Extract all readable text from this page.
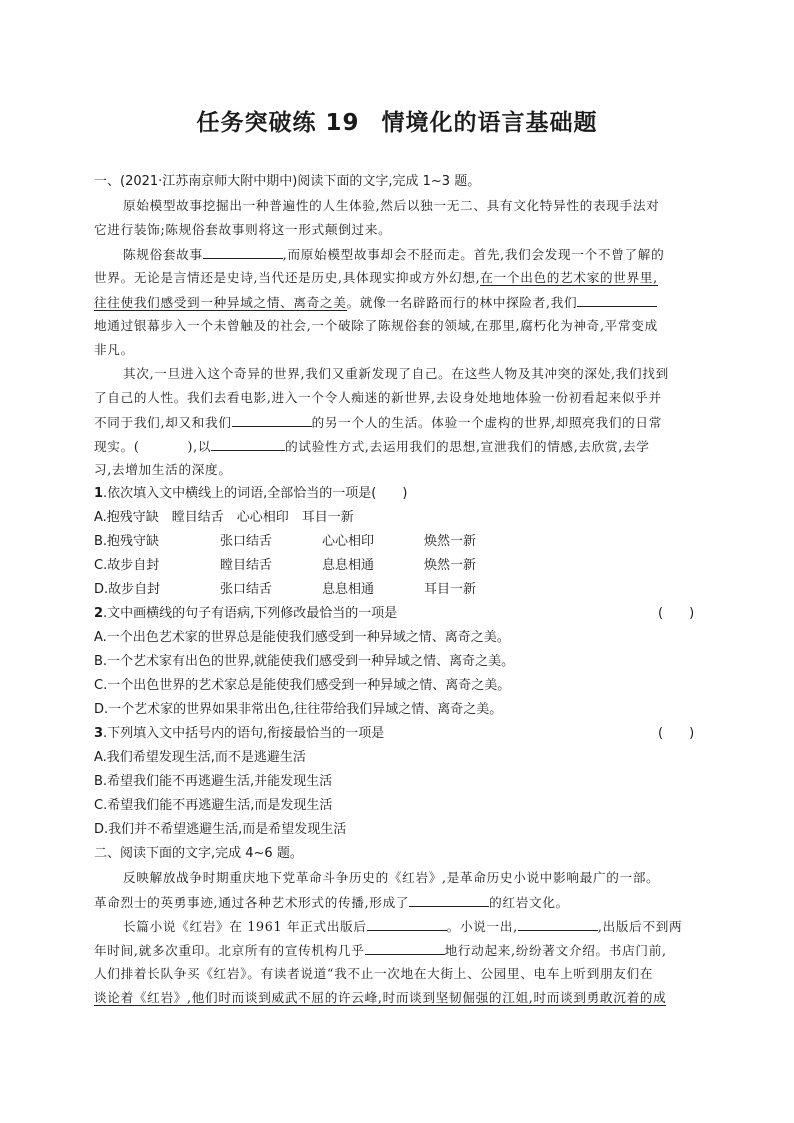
任务突破练 19 情境化的语言基础题
一、(2021·江苏南京师大附中期中)阅读下面的文字,完成 1~3 题。
原始模型故事挖掘出一种普遍性的人生体验,然后以独一无二、具有文化特异性的表现手法对
它进行装饰;陈规俗套故事则将这一形式颠倒过来。
陈规俗套故事	,而原始模型故事却会不胫而走。首先,我们会发现一个不曾了解的
世界。无论是言情还是史诗,当代还是历史,具体现实抑或方外幻想,在一个出色的艺术家的世界里,
往往使我们感受到一种异域之情、离奇之美。就像一名辟路而行的林中探险者,我们
地通过银幕步入一个未曾触及的社会,一个破除了陈规俗套的领域,在那里,腐朽化为神奇,平常变成
非凡。
其次,一旦进入这个奇异的世界,我们又重新发现了自己。在这些人物及其冲突的深处,我们找到
了自己的人性。我们去看电影,进入一个令人痴迷的新世界,去设身处地地体验一份初看起来似乎并
不同于我们,却又和我们	的另一个人的生活。体验一个虚构的世界,却照亮我们的日常
现实。(	),以	的试验性方式,去运用我们的思想,宣泄我们的情感,去欣赏,去学
习,去增加生活的深度。
1.依次填入文中横线上的词语,全部恰当的一项是(　　)
A.抱残守缺　瞠目结舌　心心相印　耳目一新
B.抱残守缺	张口结舌	心心相印	焕然一新
C.故步自封	瞠目结舌	息息相通	焕然一新
D.故步自封	张口结舌	息息相通	耳目一新
2.文中画横线的句子有语病,下列修改最恰当的一项是	(　　)
A.一个出色艺术家的世界总是能使我们感受到一种异域之情、离奇之美。
B.一个艺术家有出色的世界,就能使我们感受到一种异域之情、离奇之美。
C.一个出色世界的艺术家总是能使我们感受到一种异域之情、离奇之美。
D.一个艺术家的世界如果非常出色,往往带给我们异域之情、离奇之美。
3.下列填入文中括号内的语句,衔接最恰当的一项是	(　　)
A.我们希望发现生活,而不是逃避生活
B.希望我们能不再逃避生活,并能发现生活
C.希望我们能不再逃避生活,而是发现生活
D.我们并不希望逃避生活,而是希望发现生活
二、阅读下面的文字,完成 4~6 题。
反映解放战争时期重庆地下党革命斗争历史的《红岩》,是革命历史小说中影响最广的一部。
革命烈士的英勇事迹,通过各种艺术形式的传播,形成了	的红岩文化。
长篇小说《红岩》在 1961 年正式出版后	。小说一出,	,出版后不到两
年时间,就多次重印。北京所有的宣传机构几乎	地行动起来,纷纷著文介绍。书店门前,
人们排着长队争买《红岩》。有读者说道“我不止一次地在大街上、公园里、电车上听到朋友们在
谈论着《红岩》,他们时而谈到威武不屈的许云峰,时而谈到坚韧倔强的江姐,时而谈到勇敢沉着的成
